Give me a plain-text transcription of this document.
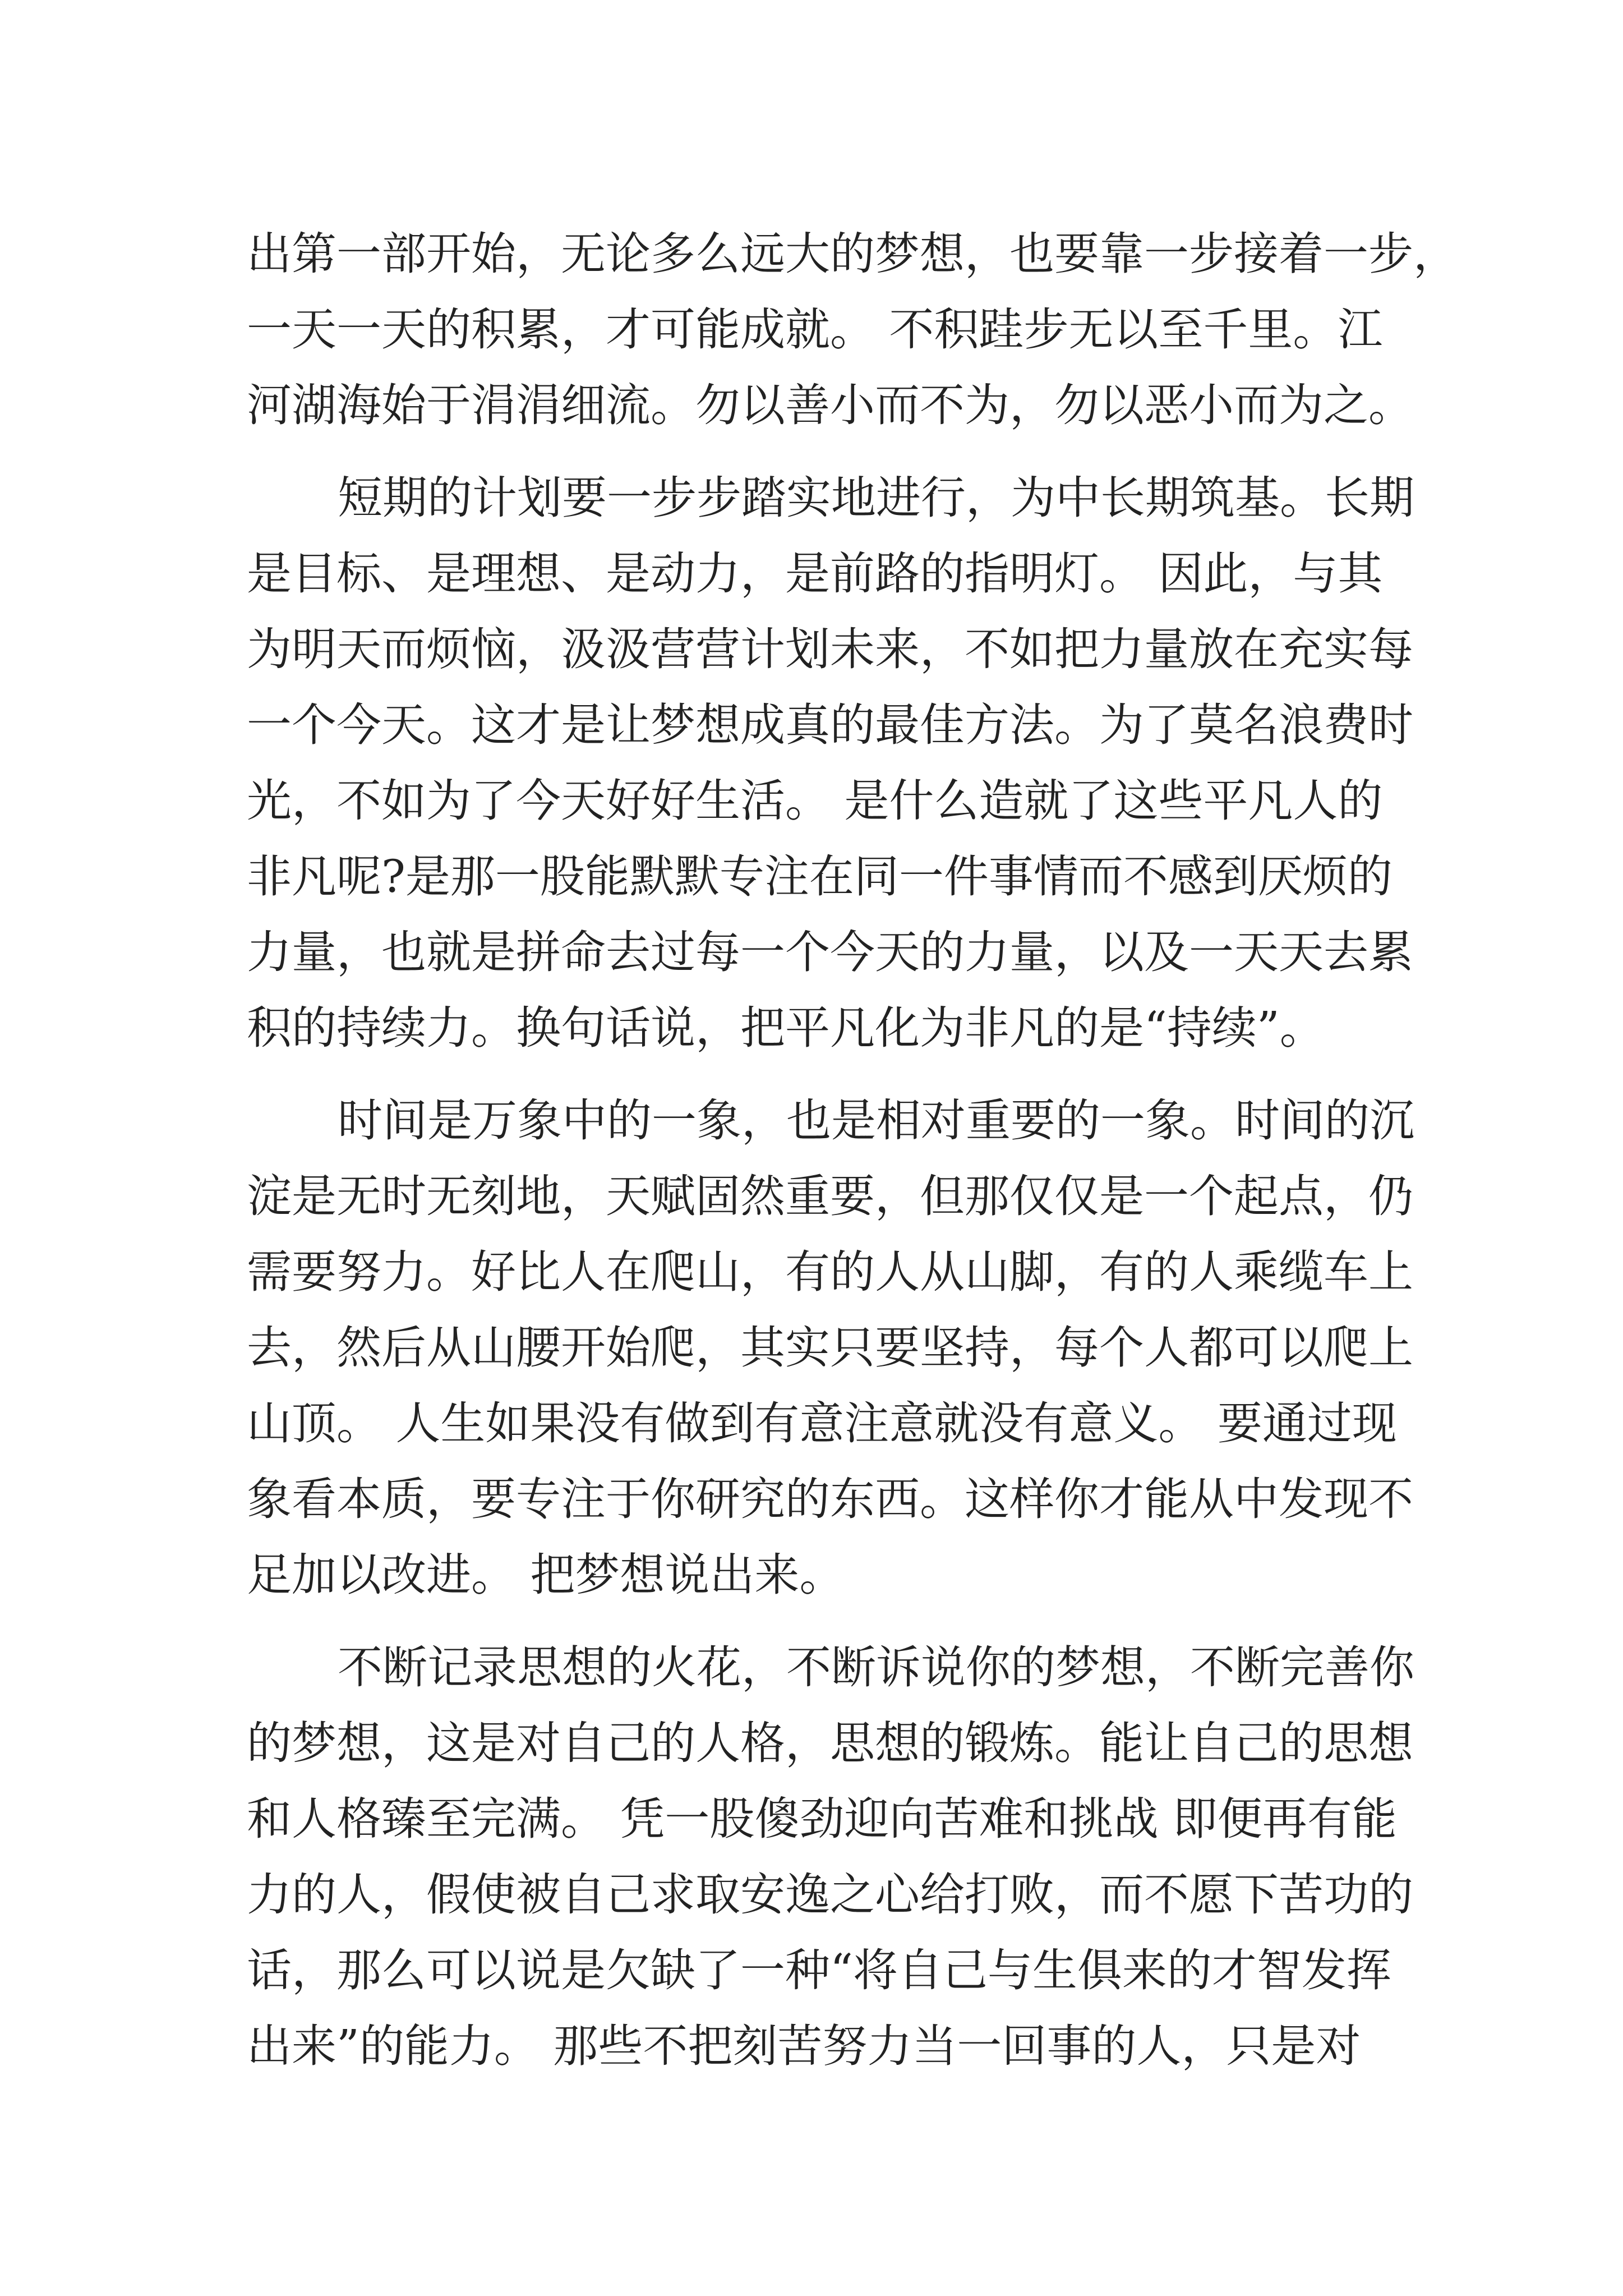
出第一部开始，无论多么远大的梦想，也要靠一步接着一步，
一天一天的积累，才可能成就。 不积跬步无以至千里。江
河湖海始于涓涓细流。勿以善小而不为，勿以恶小而为之。
短期的计划要一步步踏实地进行，为中长期筑基。长期
是目标、是理想、是动力，是前路的指明灯。 因此，与其
为明天而烦恼，汲汲营营计划未来，不如把力量放在充实每
一个今天。这才是让梦想成真的最佳方法。为了莫名浪费时
光，不如为了今天好好生活。 是什么造就了这些平凡人的
非凡呢?是那一股能默默专注在同一件事情而不感到厌烦的
力量，也就是拼命去过每一个今天的力量，以及一天天去累
积的持续力。换句话说，把平凡化为非凡的是“持续”。
时间是万象中的一象，也是相对重要的一象。时间的沉
淀是无时无刻地，天赋固然重要，但那仅仅是一个起点，仍
需要努力。好比人在爬山，有的人从山脚，有的人乘缆车上
去，然后从山腰开始爬，其实只要坚持，每个人都可以爬上
山顶。 人生如果没有做到有意注意就没有意义。 要通过现
象看本质，要专注于你研究的东西。这样你才能从中发现不
足加以改进。 把梦想说出来。
不断记录思想的火花，不断诉说你的梦想，不断完善你
的梦想，这是对自己的人格，思想的锻炼。能让自己的思想
和人格臻至完满。 凭一股傻劲迎向苦难和挑战 即便再有能
力的人，假使被自己求取安逸之心给打败，而不愿下苦功的
话，那么可以说是欠缺了一种“将自己与生俱来的才智发挥
出来”的能力。 那些不把刻苦努力当一回事的人，只是对
